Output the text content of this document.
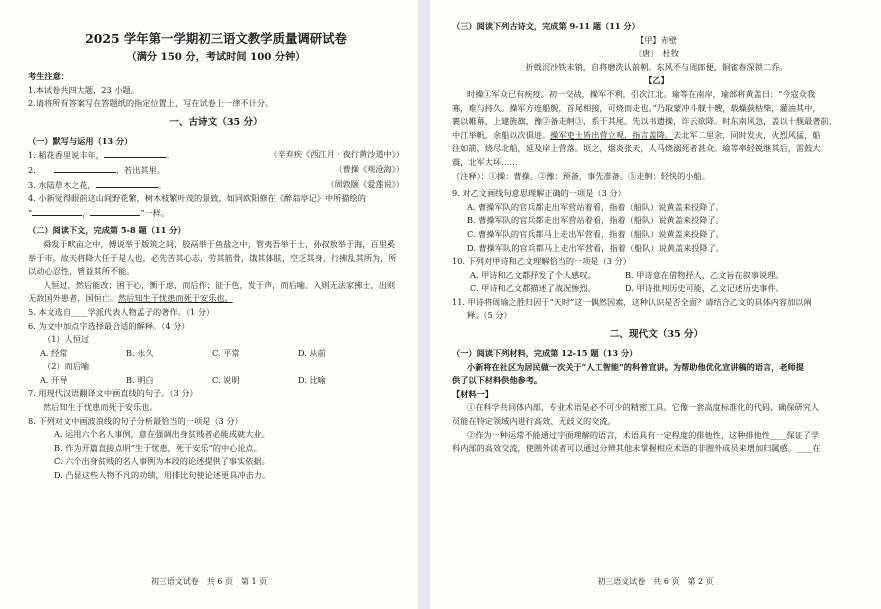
2025 学年第一学期初三语文教学质量调研试卷
（满分 150 分，考试时间 100 分钟）
考生注意：
1.本试卷共四大题，23 小题。
2.请将所有答案写在答题纸的指定位置上，写在试卷上一律不计分。
一、古诗文（35 分）
（一）默写与运用（13 分）
1. 稻花香里说丰年，	。	（辛弃疾《西江月 · 夜行黄沙道中》）
2.	，若出其里。	（曹操《观沧海》）
3. 水陆草木之花，	。	（周敦颐《爱莲说》）
4. 小新觉得眼前这山间野花繁，树木枝繁叶茂的景致，如同欧阳修在《醉翁亭记》中所描绘的
“	，	”一样。
（二）阅读下文，完成第 5-8 题（11 分）
舜发于畎亩之中，傅说举于版筑之间，胶鬲举于鱼盐之中，管夷吾举于士，孙叔敖举于海，百里奚
举于市。故天将降大任于是人也，必先苦其心志，劳其筋骨，饿其体肤，空乏其身，行拂乱其所为，所
以动心忍性，曾益其所不能。
人恒过，然后能改；困于心，衡于虑，而后作；征于色，发于声，而后喻。入则无法家拂士，出则
无敌国外患者，国恒亡。然后知生于忧患而死于安乐也。
5. 本文选自____学派代表人物孟子的著作。（1 分）
6. 为文中加点字选择最合适的解释。（4 分）
（1）人恒过
A. 经常	B. 永久	C. 平常	D. 从前
（2）而后喻
A. 开导	B. 明白	C. 说明	D. 比喻
7. 用现代汉语翻译文中画直线的句子。（3 分）
然后知生于忧患而死于安乐也。
8. 下列对文中画波浪线的句子分析最恰当的一项是（3 分）
A. 运用六个名人事例，意在强调出身贫贱者必能成就大业。
B. 作为开篇直接点明“生于忧患，死于安乐”的中心论点。
C. 六个出身贫贱的名人事例为本段的论述提供了事实依据。
D. 凸显这些人物不凡的功绩，用排比句使论述更具冲击力。
初三语文试卷　共 6 页　第 1 页
（三）阅读下列古诗文，完成第 9-11 题（11 分）
【甲】赤壁
〔唐〕　杜牧
折戟沉沙铁未销，自将磨洗认前朝。东风不与周郎便，铜雀春深锁二乔。
【乙】
时操①军众已有疾疫。初一交战，操军不利，引次江北。瑜等在南岸，瑜部将黄盖曰：“今寇众我
寡，难与持久。操军方连船舰，首尾相接，可烧而走也。”乃取蒙冲斗舰十艘，载燥荻枯柴，灌油其中，
裹以帷幕，上建旌旗，豫②备走舸③，系于其尾。先以书遗操，诈云欲降。时东南风急，盖以十舰最著前，
中江举帆，余船以次俱进。操军吏士皆出营立观，指言盖降。去北军二里余，同时发火，火烈风猛，船
往如箭，烧尽北船，延及岸上营落。顷之，烟炎张天，人马烧溺死者甚众。瑜等率轻锐继其后，雷鼓大
震，北军大坏……
（注释）：①操：曹操。②豫：预备，事先准备。③走舸：轻快的小船。
9. 对乙文画线句意思理解正确的一项是（3 分）
A. 曹操军队的官兵都走出军营站着看，指着（船队）说黄盖来投降了。
B. 曹操军队的官兵都走出军营站着看，指着（船队）说黄盖来投降了。
C. 曹操军队的官兵都马上走出军营看，指着（船队）说黄盖来投降了。
D. 曹操军队的官兵都马上走出军营看，指着（船队）说黄盖来投降了。
10. 下列对甲诗和乙文理解恰当的一项是（3 分）
A. 甲诗和乙文都抒发了个人感叹。	B. 甲诗意在借物抒人，乙文旨在叙事说理。
C. 甲诗和乙文都描述了战况惨烈。	D. 甲诗批判历史可能，乙文记述历史事件。
11. 甲诗将周瑜之胜归因于“天时”这一偶然因素，这种认识是否全面？请结合乙文的具体内容加以阐
释。（5 分）
二、现代文（35 分）
（一）阅读下列材料，完成第 12-15 题（13 分）
小新将在社区为居民做一次关于“人工智能”的科普宣讲。为帮助他优化宣讲稿的语言，老师提
供了以下材料供他参考。
【材料一】
①在科学共同体内部，专业术语是必不可少的精密工具。它像一套高度标准化的代码，确保研究人
员能在特定领域内进行高效、无歧义的交流。
②作为一种运常不能通过字面理解的语言，术语具有一定程度的排他性，这种排他性____保证了学
科内部的高效交流，使圈外读者可以通过分辨其他未掌握相应术语的非圈外成员来增加归属感。____在
初三语文试卷　共 6 页　第 2 页
